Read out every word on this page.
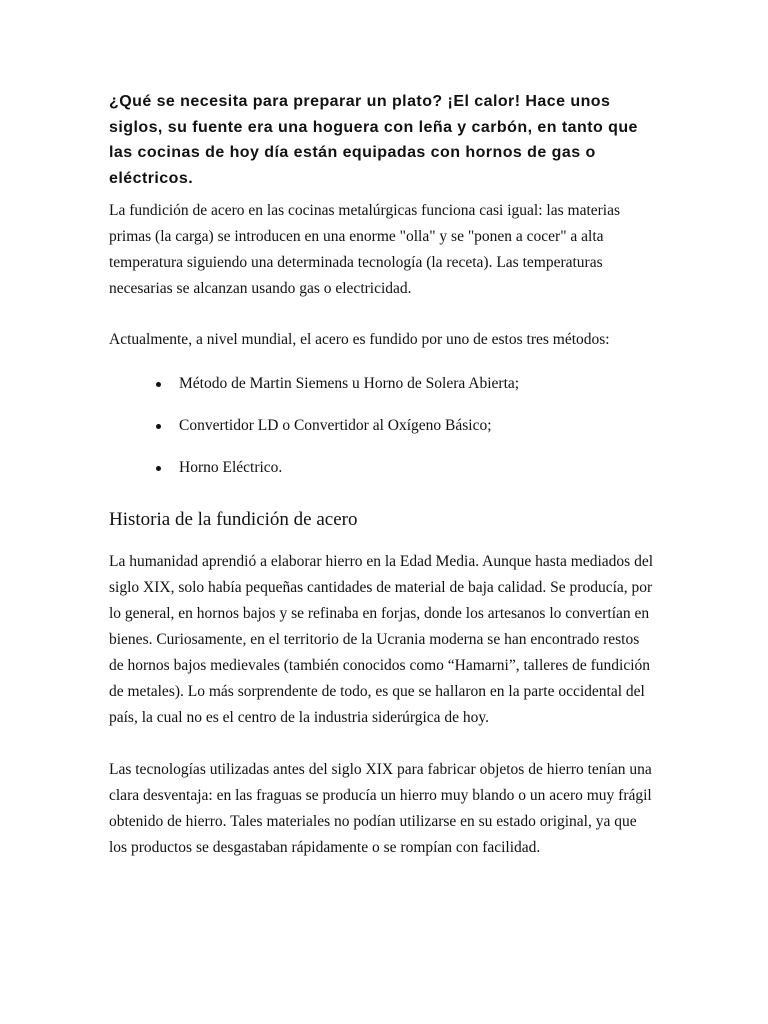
¿Qué se necesita para preparar un plato? ¡El calor! Hace unos siglos, su fuente era una hoguera con leña y carbón, en tanto que las cocinas de hoy día están equipadas con hornos de gas o eléctricos.

La fundición de acero en las cocinas metalúrgicas funciona casi igual: las materias primas (la carga) se introducen en una enorme "olla" y se "ponen a cocer" a alta temperatura siguiendo una determinada tecnología (la receta). Las temperaturas necesarias se alcanzan usando gas o electricidad.

Actualmente, a nivel mundial, el acero es fundido por uno de estos tres métodos:

Método de Martin Siemens u Horno de Solera Abierta;
Convertidor LD o Convertidor al Oxígeno Básico;
Horno Eléctrico.
Historia de la fundición de acero

La humanidad aprendió a elaborar hierro en la Edad Media. Aunque hasta mediados del siglo XIX, solo había pequeñas cantidades de material de baja calidad. Se producía, por lo general, en hornos bajos y se refinaba en forjas, donde los artesanos lo convertían en bienes. Curiosamente, en el territorio de la Ucrania moderna se han encontrado restos de hornos bajos medievales (también conocidos como “Hamarni”, talleres de fundición de metales). Lo más sorprendente de todo, es que se hallaron en la parte occidental del país, la cual no es el centro de la industria siderúrgica de hoy.

Las tecnologías utilizadas antes del siglo XIX para fabricar objetos de hierro tenían una clara desventaja: en las fraguas se producía un hierro muy blando o un acero muy frágil obtenido de hierro. Tales materiales no podían utilizarse en su estado original, ya que los productos se desgastaban rápidamente o se rompían con facilidad.
